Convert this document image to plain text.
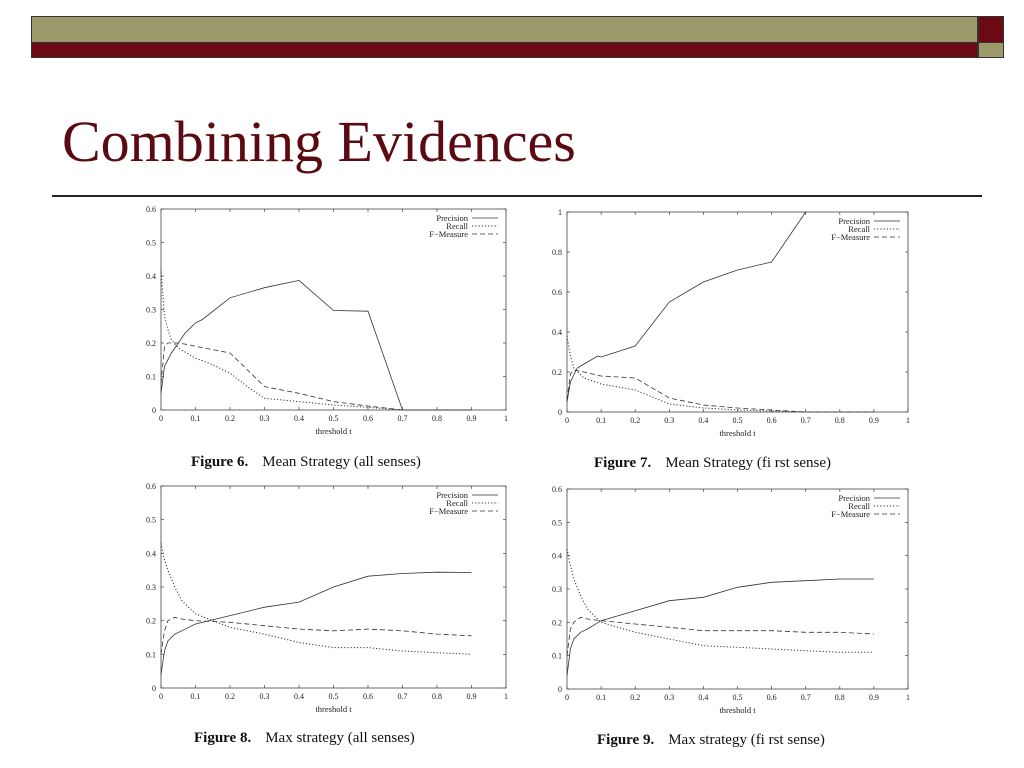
Combining Evidences
0	0.1	0.2	0.3	0.4	0.5	0.6	0.7	0.8	0.9	1
0
0.1
0.2
0.3
0.4
0.5
0.6
threshold t
Precision
Recall
F−Measure
0	0.1	0.2	0.3	0.4	0.5	0.6	0.7	0.8	0.9	1
0
0.2
0.4
0.6
0.8
1
threshold t
Precision
Recall
F−Measure
0	0.1	0.2	0.3	0.4	0.5	0.6	0.7	0.8	0.9	1
0
0.1
0.2
0.3
0.4
0.5
0.6
threshold t
Precision
Recall
F−Measure
0	0.1	0.2	0.3	0.4	0.5	0.6	0.7	0.8	0.9	1
0
0.1
0.2
0.3
0.4
0.5
0.6
threshold t
Precision
Recall
F−Measure
Figure 6. Mean Strategy (all senses)	Figure 7. Mean Strategy (fi rst sense)
Figure 8. Max strategy (all senses)	Figure 9. Max strategy (fi rst sense)
